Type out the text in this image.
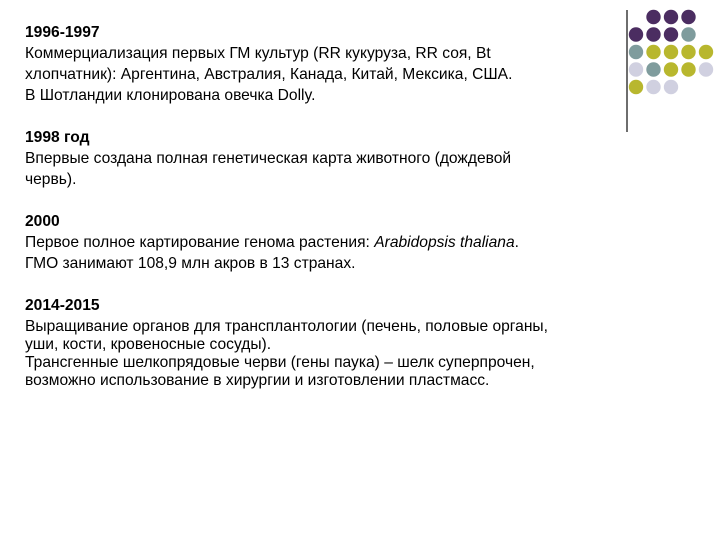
1996-1997

Коммерциализация первых ГМ культур (RR кукуруза, RR соя, Bt

хлопчатник): Аргентина, Австралия, Канада, Китай, Мексика, США.

В Шотландии клонирована овечка Dolly.

1998 год

Впервые создана полная генетическая карта животного (дождевой

червь).

2000

Первое полное картирование генома растения: Arabidopsis thaliana.

ГМО занимают 108,9 млн акров в 13 странах.

2014-2015

Выращивание органов для трансплантологии (печень, половые органы,

уши, кости, кровеносные сосуды).

Трансгенные шелкопрядовые черви (гены паука) – шелк суперпрочен,

возможно использование в хирургии и изготовлении пластмасс.
